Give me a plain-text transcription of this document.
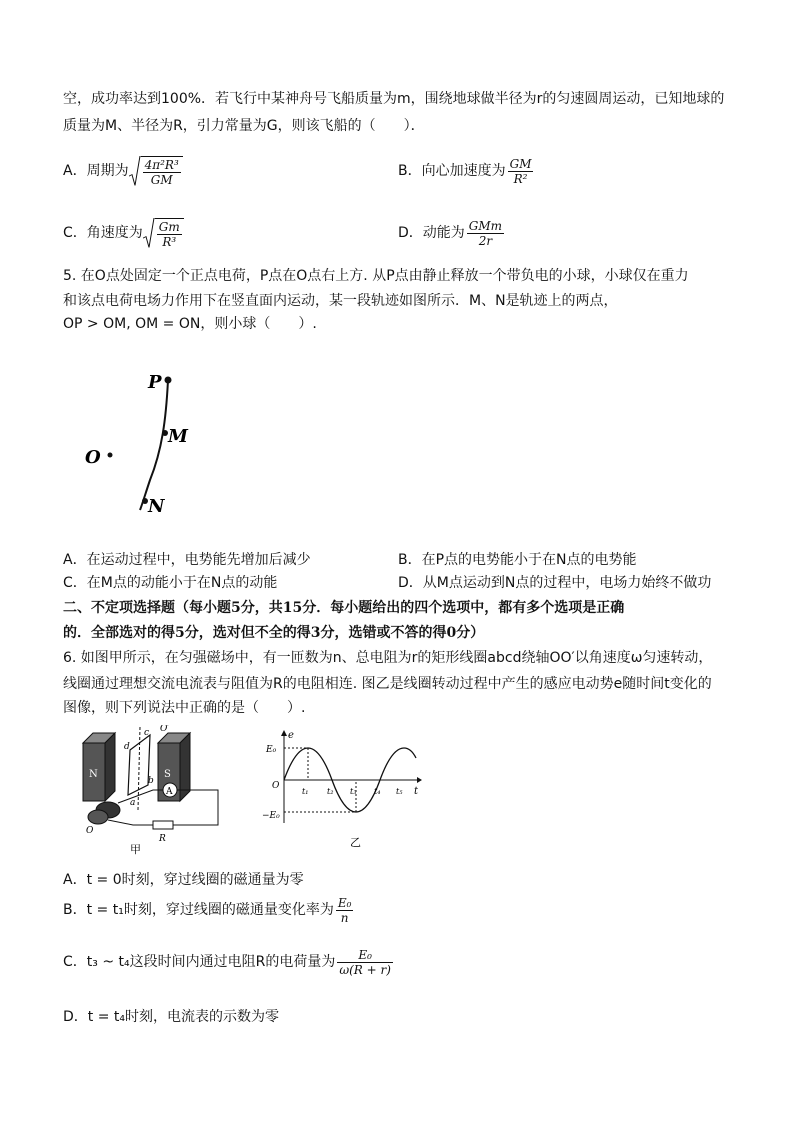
空，成功率达到100%．若飞行中某神舟号飞船质量为m，围绕地球做半径为r的匀速圆周运动，已知地球的
质量为M、半径为R，引力常量为G，则该飞船的（　　）．
A．周期为 $\frac{\text{4π²R³}}{GM}$	B．向心加速度为 $\frac{GM}{\text{R²}}$
C．角速度为 $\frac{Gm}{\text{R³}}$	D．动能为 $\frac{\text{GMm}}{2r}$
5. 在O点处固定一个正点电荷，P点在O点右上方. 从P点由静止释放一个带负电的小球，小球仅在重力
和该点电荷电场力作用下在竖直面内运动，某一段轨迹如图所示．M、N是轨迹上的两点，
OP > OM, OM = ON，则小球（　　）.
P
M
N
O
A．在运动过程中，电势能先增加后减少	B．在P点的电势能小于在N点的电势能
C．在M点的动能小于在N点的动能	D．从M点运动到N点的过程中，电场力始终不做功
二、不定项选择题（每小题5分，共15分．每小题给出的四个选项中，都有多个选项是正确
的．全部选对的得5分，选对但不全的得3分，选错或不答的得0分）
6. 如图甲所示，在匀强磁场中，有一匝数为n、总电阻为r的矩形线圈abcd绕轴OO′以角速度ω匀速转动，
线圈通过理想交流电流表与阻值为R的电阻相连. 图乙是线圈转动过程中产生的感应电动势e随时间t变化的
图像，则下列说法中正确的是（　　）.
N	S
c
d
b
a
O′
O
R
A
甲
e
t
O
E₀
−E₀
t₁ t₂ t₃ t₄ t₅
乙
A．t = 0时刻，穿过线圈的磁通量为零
B．t = t₁时刻，穿过线圈的磁通量变化率为 $\frac{\text{E₀}}{n}$
C．t₃ ~ t₄这段时间内通过电阻R的电荷量为 $\frac{\text{E₀}}{\omega(R + r)}$
D．t = t₄时刻，电流表的示数为零
